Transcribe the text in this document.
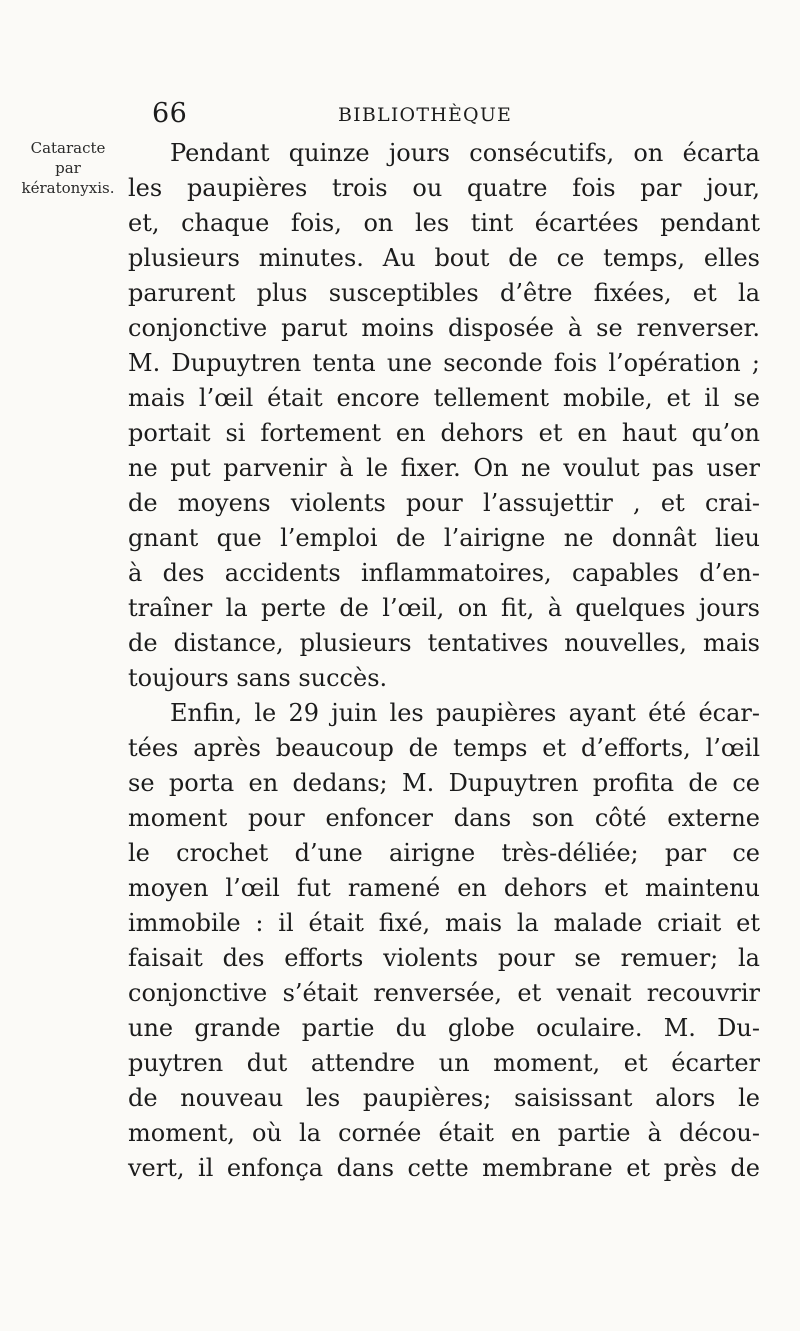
66	BIBLIOTHÈQUE
Cataracte
par
kératonyxis.
Pendant quinze jours consécutifs, on écarta
les paupières trois ou quatre fois par jour,
et, chaque fois, on les tint écartées pendant
plusieurs minutes. Au bout de ce temps, elles
parurent plus susceptibles d’être fixées, et la
conjonctive parut moins disposée à se renverser.
M. Dupuytren tenta une seconde fois l’opération ;
mais l’œil était encore tellement mobile, et il se
portait si fortement en dehors et en haut qu’on
ne put parvenir à le fixer. On ne voulut pas user
de moyens violents pour l’assujettir , et crai-
gnant que l’emploi de l’airigne ne donnât lieu
à des accidents inflammatoires, capables d’en-
traîner la perte de l’œil, on fit, à quelques jours
de distance, plusieurs tentatives nouvelles, mais
toujours sans succès.
Enfin, le 29 juin les paupières ayant été écar-
tées après beaucoup de temps et d’efforts, l’œil
se porta en dedans; M. Dupuytren profita de ce
moment pour enfoncer dans son côté externe
le crochet d’une airigne très-déliée; par ce
moyen l’œil fut ramené en dehors et maintenu
immobile : il était fixé, mais la malade criait et
faisait des efforts violents pour se remuer; la
conjonctive s’était renversée, et venait recouvrir
une grande partie du globe oculaire. M. Du-
puytren dut attendre un moment, et écarter
de nouveau les paupières; saisissant alors le
moment, où la cornée était en partie à décou-
vert, il enfonça dans cette membrane et près de
